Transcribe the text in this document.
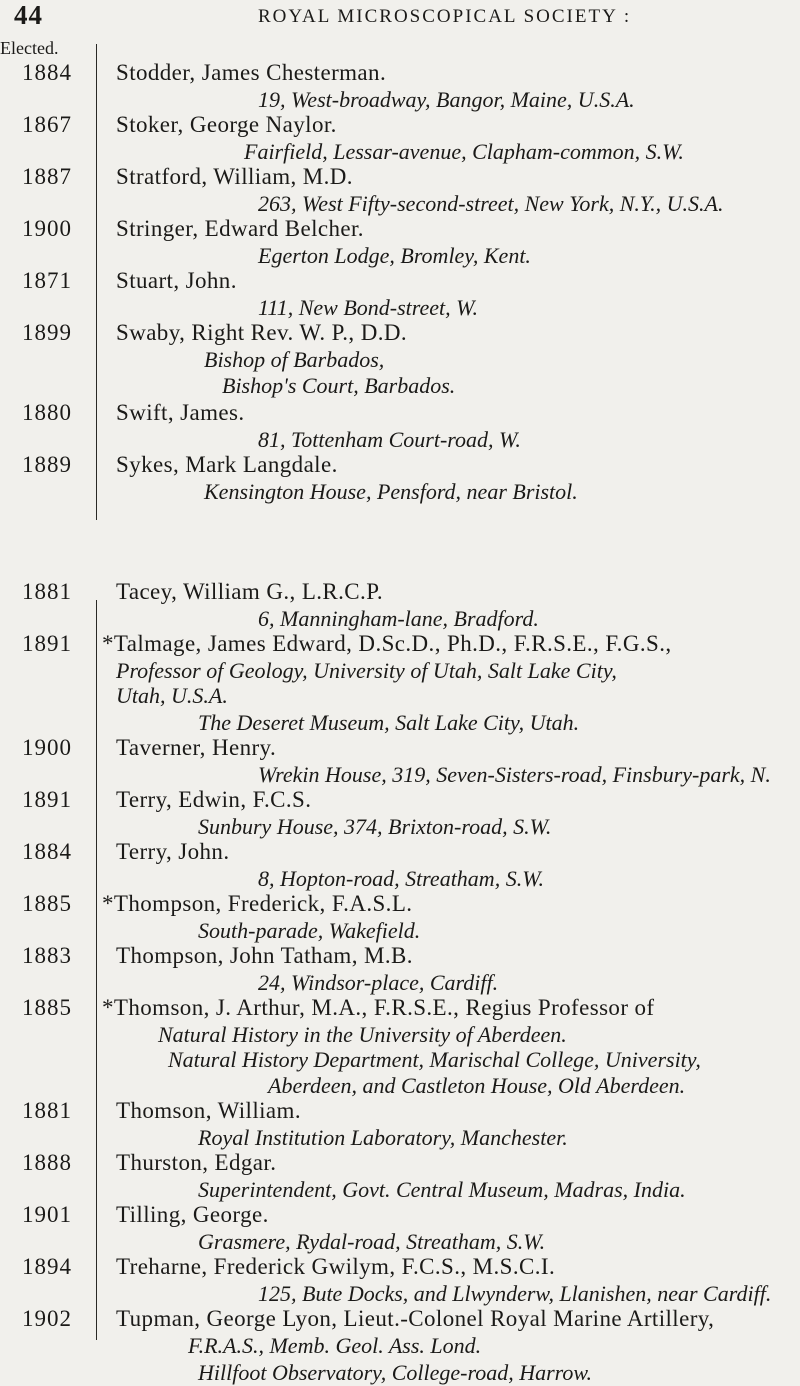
44	ROYAL MICROSCOPICAL SOCIETY :
Elected.
1884	Stodder, James Chesterman.
19, West-broadway, Bangor, Maine, U.S.A.
1867	Stoker, George Naylor.
Fairfield, Lessar-avenue, Clapham-common, S.W.
1887	Stratford, William, M.D.
263, West Fifty-second-street, New York, N.Y., U.S.A.
1900	Stringer, Edward Belcher.
Egerton Lodge, Bromley, Kent.
1871	Stuart, John.
111, New Bond-street, W.
1899	Swaby, Right Rev. W. P., D.D.
Bishop of Barbados,
Bishop's Court, Barbados.
1880	Swift, James.
81, Tottenham Court-road, W.
1889	Sykes, Mark Langdale.
Kensington House, Pensford, near Bristol.
1881	Tacey, William G., L.R.C.P.
6, Manningham-lane, Bradford.
1891	*Talmage, James Edward, D.Sc.D., Ph.D., F.R.S.E., F.G.S.,
Professor of Geology, University of Utah, Salt Lake City,
Utah, U.S.A.
The Deseret Museum, Salt Lake City, Utah.
1900	Taverner, Henry.
Wrekin House, 319, Seven-Sisters-road, Finsbury-park, N.
1891	Terry, Edwin, F.C.S.
Sunbury House, 374, Brixton-road, S.W.
1884	Terry, John.
8, Hopton-road, Streatham, S.W.
1885	*Thompson, Frederick, F.A.S.L.
South-parade, Wakefield.
1883	Thompson, John Tatham, M.B.
24, Windsor-place, Cardiff.
1885	*Thomson, J. Arthur, M.A., F.R.S.E., Regius Professor of
Natural History in the University of Aberdeen.
Natural History Department, Marischal College, University,
Aberdeen, and Castleton House, Old Aberdeen.
1881	Thomson, William.
Royal Institution Laboratory, Manchester.
1888	Thurston, Edgar.
Superintendent, Govt. Central Museum, Madras, India.
1901	Tilling, George.
Grasmere, Rydal-road, Streatham, S.W.
1894	Treharne, Frederick Gwilym, F.C.S., M.S.C.I.
125, Bute Docks, and Llwynderw, Llanishen, near Cardiff.
1902	Tupman, George Lyon, Lieut.-Colonel Royal Marine Artillery,
F.R.A.S., Memb. Geol. Ass. Lond.
Hillfoot Observatory, College-road, Harrow.
